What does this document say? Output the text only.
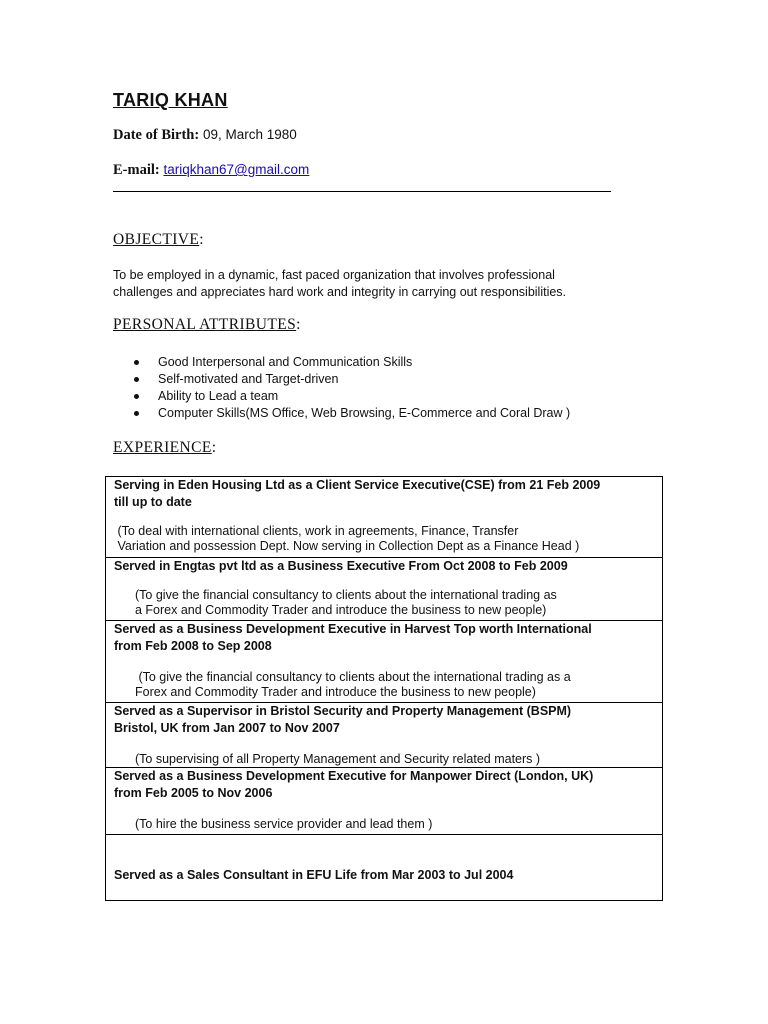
TARIQ KHAN
Date of Birth: 09, March 1980
E-mail: tariqkhan67@gmail.com
OBJECTIVE:
To be employed in a dynamic, fast paced organization that involves professional
challenges and appreciates hard work and integrity in carrying out responsibilities.
PERSONAL ATTRIBUTES:
Good Interpersonal and Communication Skills
Self-motivated and Target-driven
Ability to Lead a team
Computer Skills(MS Office, Web Browsing, E-Commerce and Coral Draw )
EXPERIENCE:
Serving in Eden Housing Ltd as a Client Service Executive(CSE) from 21 Feb 2009
till up to date
(To deal with international clients, work in agreements, Finance, Transfer
Variation and possession Dept. Now serving in Collection Dept as a Finance Head )
Served in Engtas pvt ltd as a Business Executive From Oct 2008 to Feb 2009
(To give the financial consultancy to clients about the international trading as
a Forex and Commodity Trader and introduce the business to new people)
Served as a Business Development Executive in Harvest Top worth International
from Feb 2008 to Sep 2008
(To give the financial consultancy to clients about the international trading as a
Forex and Commodity Trader and introduce the business to new people)
Served as a Supervisor in Bristol Security and Property Management (BSPM)
Bristol, UK from Jan 2007 to Nov 2007
(To supervising of all Property Management and Security related maters )
Served as a Business Development Executive for Manpower Direct (London, UK)
from Feb 2005 to Nov 2006
(To hire the business service provider and lead them )
Served as a Sales Consultant in EFU Life from Mar 2003 to Jul 2004
